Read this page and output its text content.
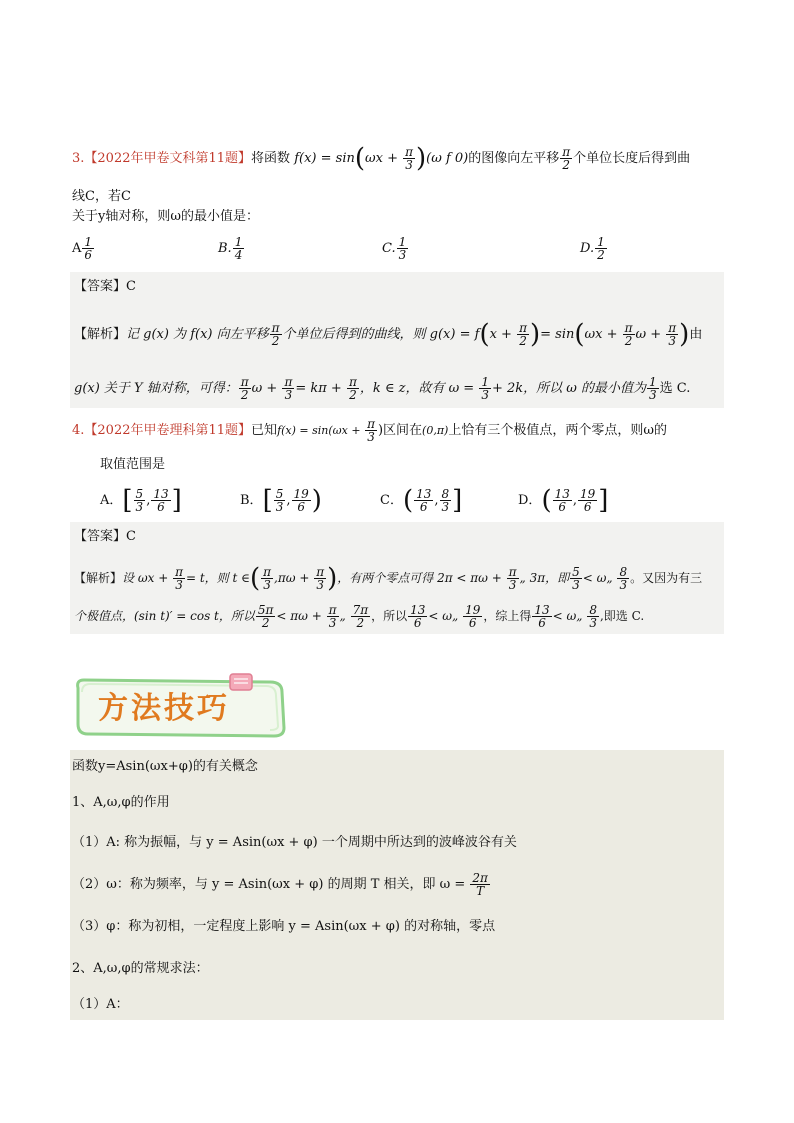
3.【2022年甲卷文科第11题】将函数 $f(x) = \sin(\omega x + \frac{\pi}{3} )(\omega$ f 0)的图像向左平移 $\frac{\pi}{2}$ 个单位长度后得到曲
线C，若C
关于y轴对称，则ω的最小值是：
A $\frac{1}{6}$	B. $\frac{1}{4}$	C. $\frac{1}{3}$	D. $\frac{1}{2}$
【答案】C
【解析】记 g(x) 为 f(x) 向左平移 $\frac{\pi}{2}$ 个单位后得到的曲线，则 $g(x) = f(x + \frac{\pi}{2}$ )= $\sin(\omega x + \frac{\pi}{2}$ $\omega + \frac{\pi}{3}$ )由
g(x) 关于 Y 轴对称，可得： $\frac{\pi}{2}$ $\omega + \frac{\pi}{3} = k\pi + \frac{\pi}{2}$ ，k ∈ z，故有 $\omega = \frac{1}{3} + 2k$，所以 ω 的最小值为 $\frac{1}{3}$ 选 C.
4.【2022年甲卷理科第11题】已知$f(x) = \sin(\omega x + \frac{\pi}{3}$ )区间在(0,π)上恰有三个极值点，两个零点，则ω的
取值范围是
A．[ $\frac{5}{3}$ , $\frac{13}{6}$ ]	B．[ $\frac{5}{3}$ , $\frac{19}{6}$ )	C．( $\frac{13}{6}$ , $\frac{8}{3}$ ]	D．( $\frac{13}{6}$ , $\frac{19}{6}$ ]
【答案】C
【解析】设 $\omega x + \frac{\pi}{3} = t$，则 t ∈( $\frac{\pi}{3} ,\pi\omega + \frac{\pi}{3}$ )，有两个零点可得 $2\pi < \pi\omega + \frac{\pi}{3}$ „ 3π，即 $\frac{5}{3}$ < ω„ $\frac{8}{3}$ 。又因为有三
个极值点，(sin t)′ = cos t，所以 $\frac{5\pi}{2} < \pi\omega + \frac{\pi}{3}$ „ $\frac{7\pi}{2}$ ，所以 $\frac{13}{6}$ < ω„ $\frac{19}{6}$ ，综上得 $\frac{13}{6}$ < ω„ $\frac{8}{3}$ ,即选 C.
方法技巧
函数y=Asin(ωx+φ)的有关概念
1、A,ω,φ的作用
（1）A: 称为振幅，与 y = Asin(ωx + φ) 一个周期中所达到的波峰波谷有关
（2）ω：称为频率，与 y = Asin(ωx + φ) 的周期 T 相关，即 $\omega = \frac{2\pi}{T}$
（3）φ：称为初相，一定程度上影响 y = Asin(ωx + φ) 的对称轴，零点
2、A,ω,φ的常规求法：
（1）A：
